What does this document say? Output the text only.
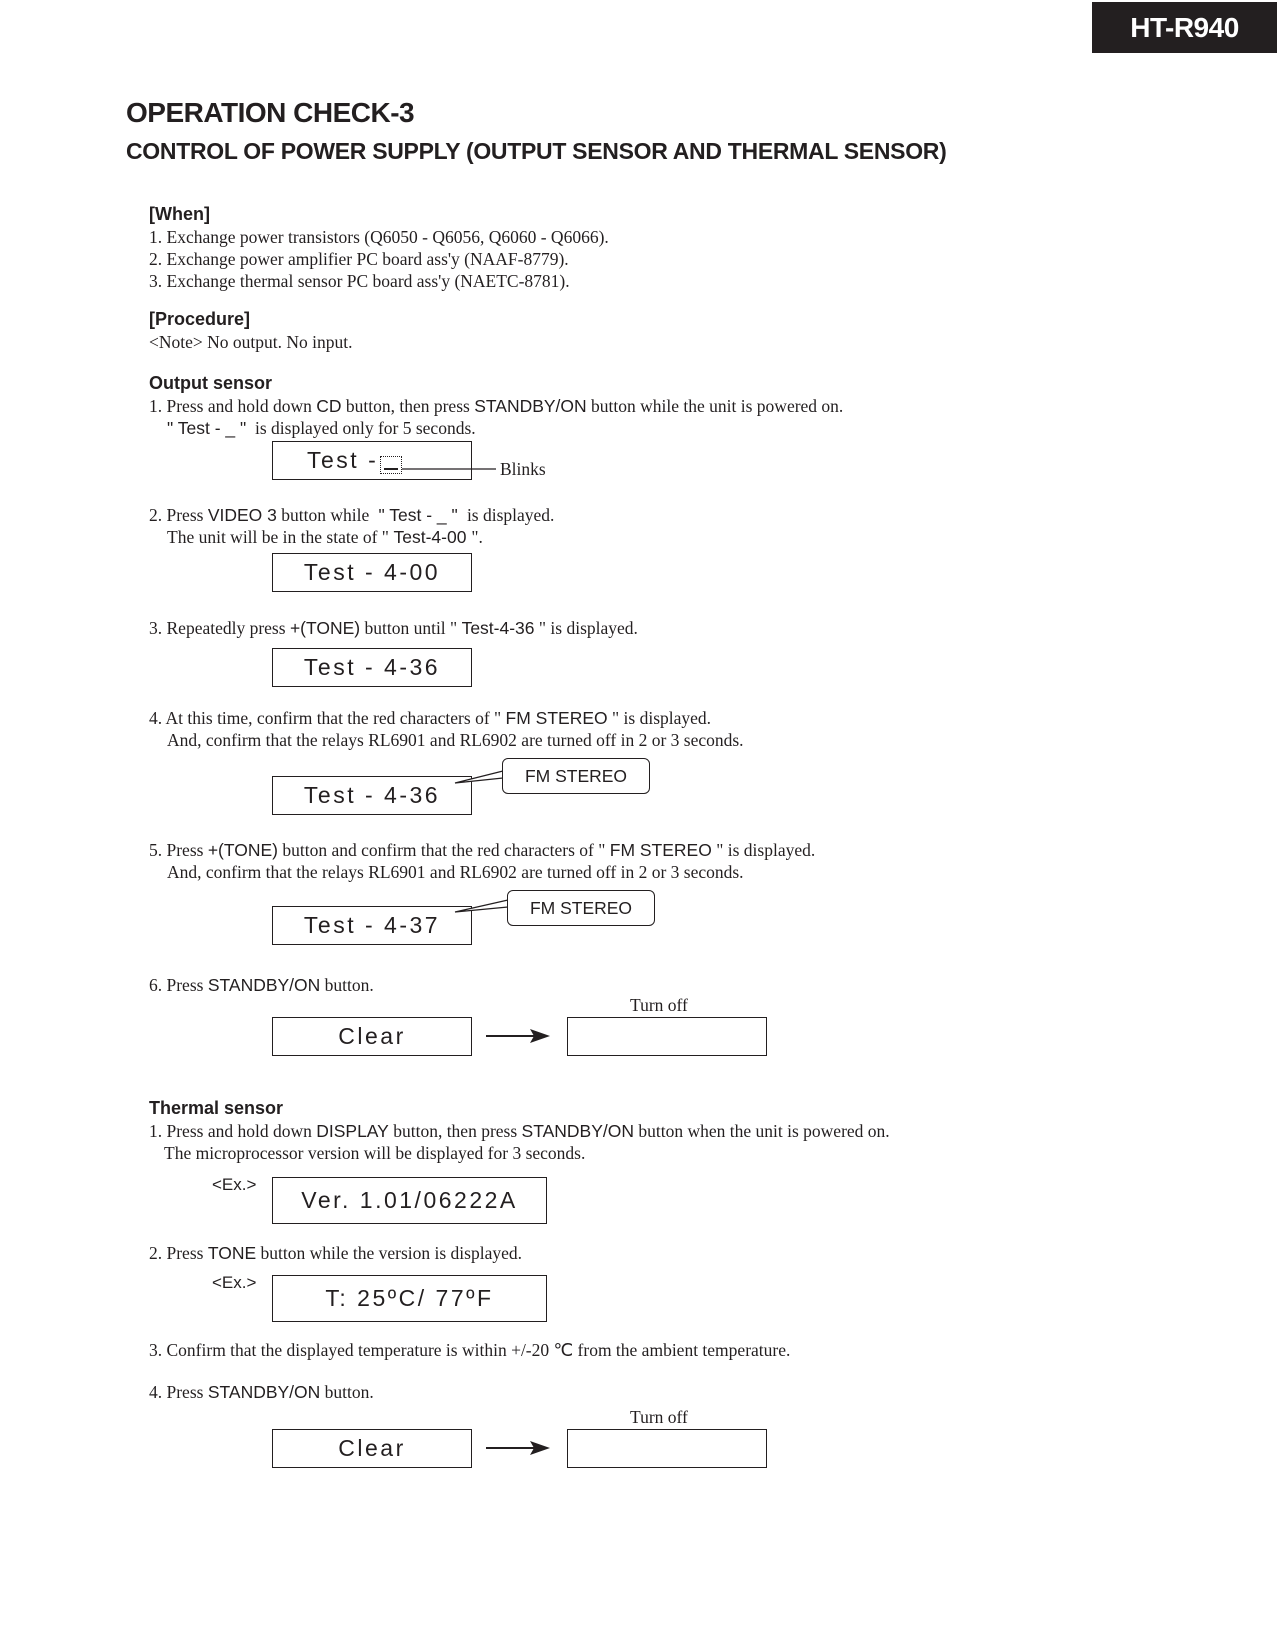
HT-R940
OPERATION CHECK-3
CONTROL OF POWER SUPPLY (OUTPUT SENSOR AND THERMAL SENSOR)
[When]
1. Exchange power transistors (Q6050 - Q6056, Q6060 - Q6066).
2. Exchange power amplifier PC board ass'y (NAAF-8779).
3. Exchange thermal sensor PC board ass'y (NAETC-8781).
[Procedure]
<Note> No output. No input.
Output sensor
1. Press and hold down CD button, then press STANDBY/ON button while the unit is powered on.
" Test - _ "  is displayed only for 5 seconds.
Test -	Blinks
2. Press VIDEO 3 button while  " Test - _ "  is displayed.
The unit will be in the state of " Test-4-00 ".
Test - 4-00
3. Repeatedly press +(TONE) button until " Test-4-36 " is displayed.
Test - 4-36
4. At this time, confirm that the red characters of " FM STEREO " is displayed.
And, confirm that the relays RL6901 and RL6902 are turned off in 2 or 3 seconds.
Test - 4-36
FM STEREO
5. Press +(TONE) button and confirm that the red characters of " FM STEREO " is displayed.
And, confirm that the relays RL6901 and RL6902 are turned off in 2 or 3 seconds.
Test - 4-37
FM STEREO
6. Press STANDBY/ON button.
Turn off
Clear
Thermal sensor
1. Press and hold down DISPLAY button, then press STANDBY/ON button when the unit is powered on.
The microprocessor version will be displayed for 3 seconds.
<Ex.>
Ver. 1.01/06222A
2. Press TONE button while the version is displayed.
<Ex.>
T: 25ºC/ 77ºF
3. Confirm that the displayed temperature is within +/-20 ℃ from the ambient temperature.
4. Press STANDBY/ON button.
Turn off
Clear
